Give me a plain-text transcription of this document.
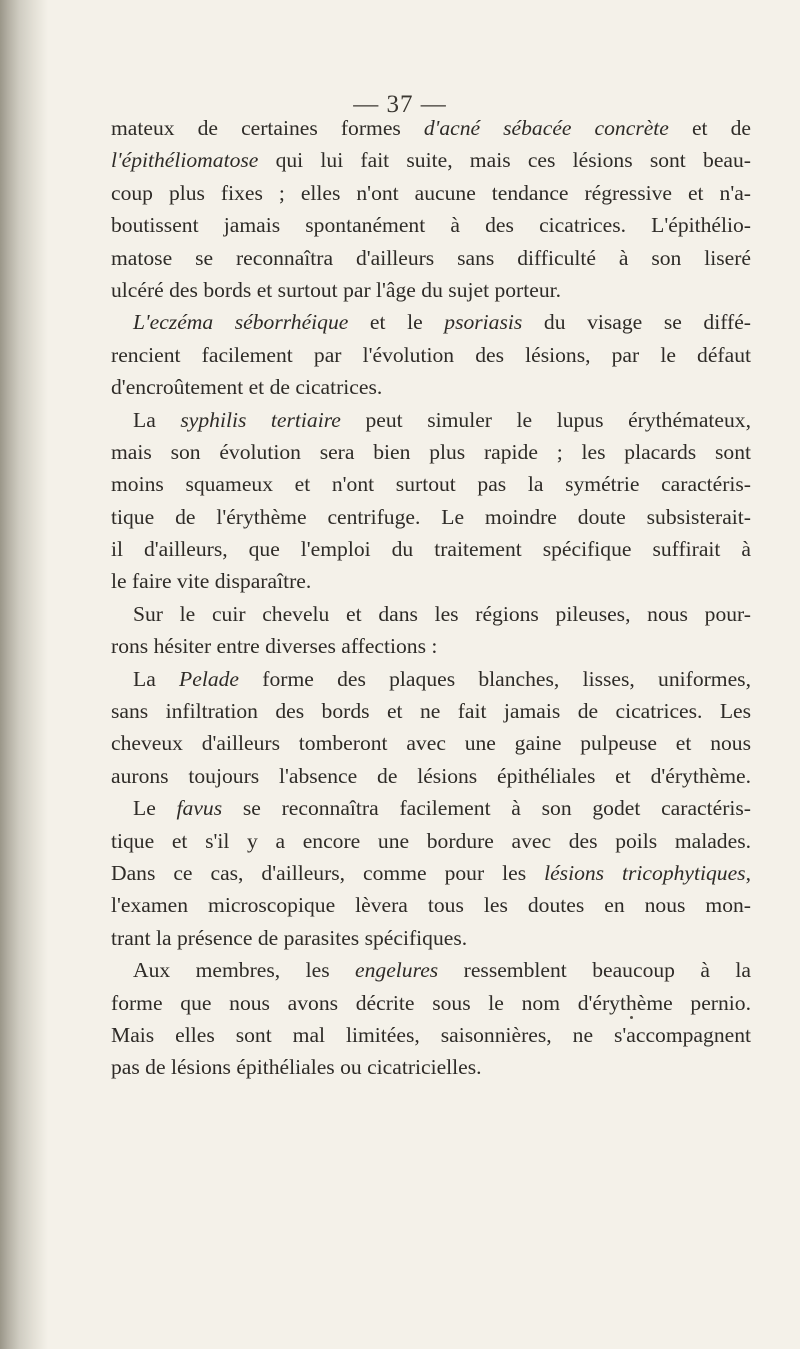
— 37 —
mateux de certaines formes d'acné sébacée concrète et de
l'épithéliomatose qui lui fait suite, mais ces lésions sont beau-
coup plus fixes ; elles n'ont aucune tendance régressive et n'a-
boutissent jamais spontanément à des cicatrices. L'épithélio-
matose se reconnaîtra d'ailleurs sans difficulté à son liseré
ulcéré des bords et surtout par l'âge du sujet porteur.
L'eczéma séborrhéique et le psoriasis du visage se diffé-
rencient facilement par l'évolution des lésions, par le défaut
d'encroûtement et de cicatrices.
La syphilis tertiaire peut simuler le lupus érythémateux,
mais son évolution sera bien plus rapide ; les placards sont
moins squameux et n'ont surtout pas la symétrie caractéris-
tique de l'érythème centrifuge. Le moindre doute subsisterait-
il d'ailleurs, que l'emploi du traitement spécifique suffirait à
le faire vite disparaître.
Sur le cuir chevelu et dans les régions pileuses, nous pour-
rons hésiter entre diverses affections :
La Pelade forme des plaques blanches, lisses, uniformes,
sans infiltration des bords et ne fait jamais de cicatrices. Les
cheveux d'ailleurs tomberont avec une gaine pulpeuse et nous
aurons toujours l'absence de lésions épithéliales et d'érythème.
Le favus se reconnaîtra facilement à son godet caractéris-
tique et s'il y a encore une bordure avec des poils malades.
Dans ce cas, d'ailleurs, comme pour les lésions tricophytiques,
l'examen microscopique lèvera tous les doutes en nous mon-
trant la présence de parasites spécifiques.
Aux membres, les engelures ressemblent beaucoup à la
forme que nous avons décrite sous le nom d'érythème pernio.
Mais elles sont mal limitées, saisonnières, ne s'accompagnent
pas de lésions épithéliales ou cicatricielles.
